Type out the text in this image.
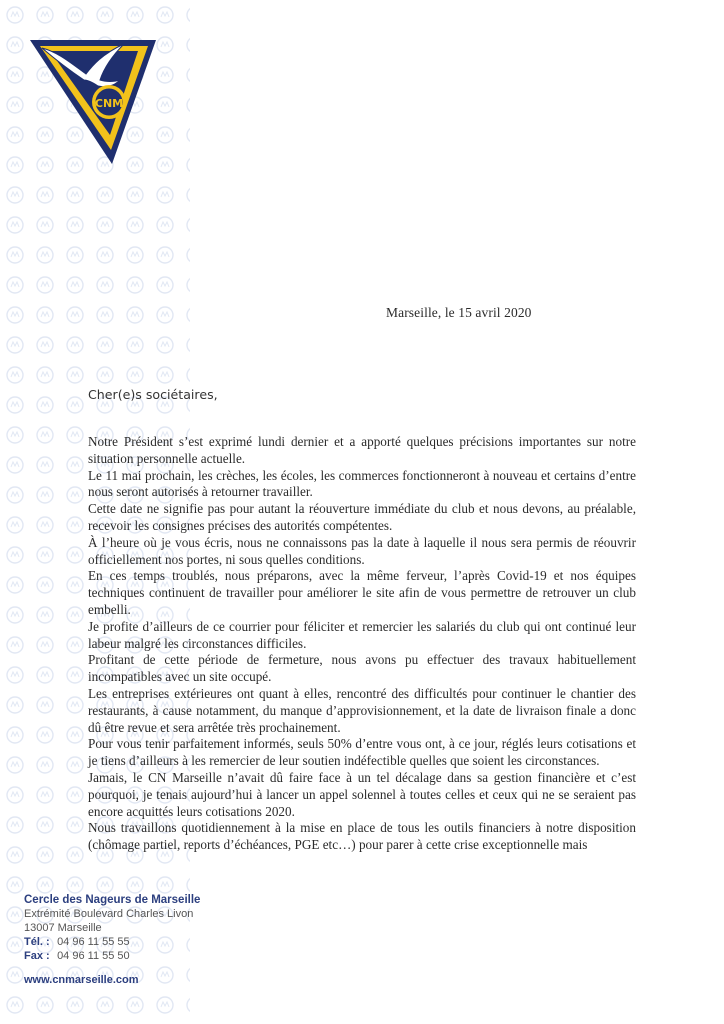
CNM
Marseille, le 15 avril 2020
Cher(e)s sociétaires,

Notre Président s’est exprimé lundi dernier et a apporté quelques précisions importantes sur notre situation personnelle actuelle.

Le 11 mai prochain, les crèches, les écoles, les commerces fonctionneront à nouveau et certains d’entre nous seront autorisés à retourner travailler.

Cette date ne signifie pas pour autant la réouverture immédiate du club et nous devons, au préalable, recevoir les consignes précises des autorités compétentes.

À l’heure où je vous écris, nous ne connaissons pas la date à laquelle il nous sera permis de réouvrir officiellement nos portes, ni sous quelles conditions.

En ces temps troublés, nous préparons, avec la même ferveur, l’après Covid-19 et nos équipes techniques continuent de travailler pour améliorer le site afin de vous permettre de retrouver un club embelli.

Je profite d’ailleurs de ce courrier pour féliciter et remercier les salariés du club qui ont continué leur labeur malgré les circonstances difficiles.

Profitant de cette période de fermeture, nous avons pu effectuer des travaux habituellement incompatibles avec un site occupé.

Les entreprises extérieures ont quant à elles, rencontré des difficultés pour continuer le chantier des restaurants, à cause notamment, du manque d’approvisionnement, et la date de livraison finale a donc dû être revue et sera arrêtée très prochainement.

Pour vous tenir parfaitement informés, seuls 50% d’entre vous ont, à ce jour, réglés leurs cotisations et je tiens d’ailleurs à les remercier de leur soutien indéfectible quelles que soient les circonstances.

Jamais, le CN Marseille n’avait dû faire face à un tel décalage dans sa gestion financière et c’est pourquoi, je tenais aujourd’hui à lancer un appel solennel à toutes celles et ceux qui ne se seraient pas encore acquittés leurs cotisations 2020.

Nous travaillons quotidiennement à la mise en place de tous les outils financiers à notre disposition (chômage partiel, reports d’échéances, PGE etc…) pour parer à cette crise exceptionnelle mais

Cercle des Nageurs de Marseille
Extrémité Boulevard Charles Livon
13007 Marseille
Tél. : 04 96 11 55 55
Fax : 04 96 11 55 50
www.cnmarseille.com
